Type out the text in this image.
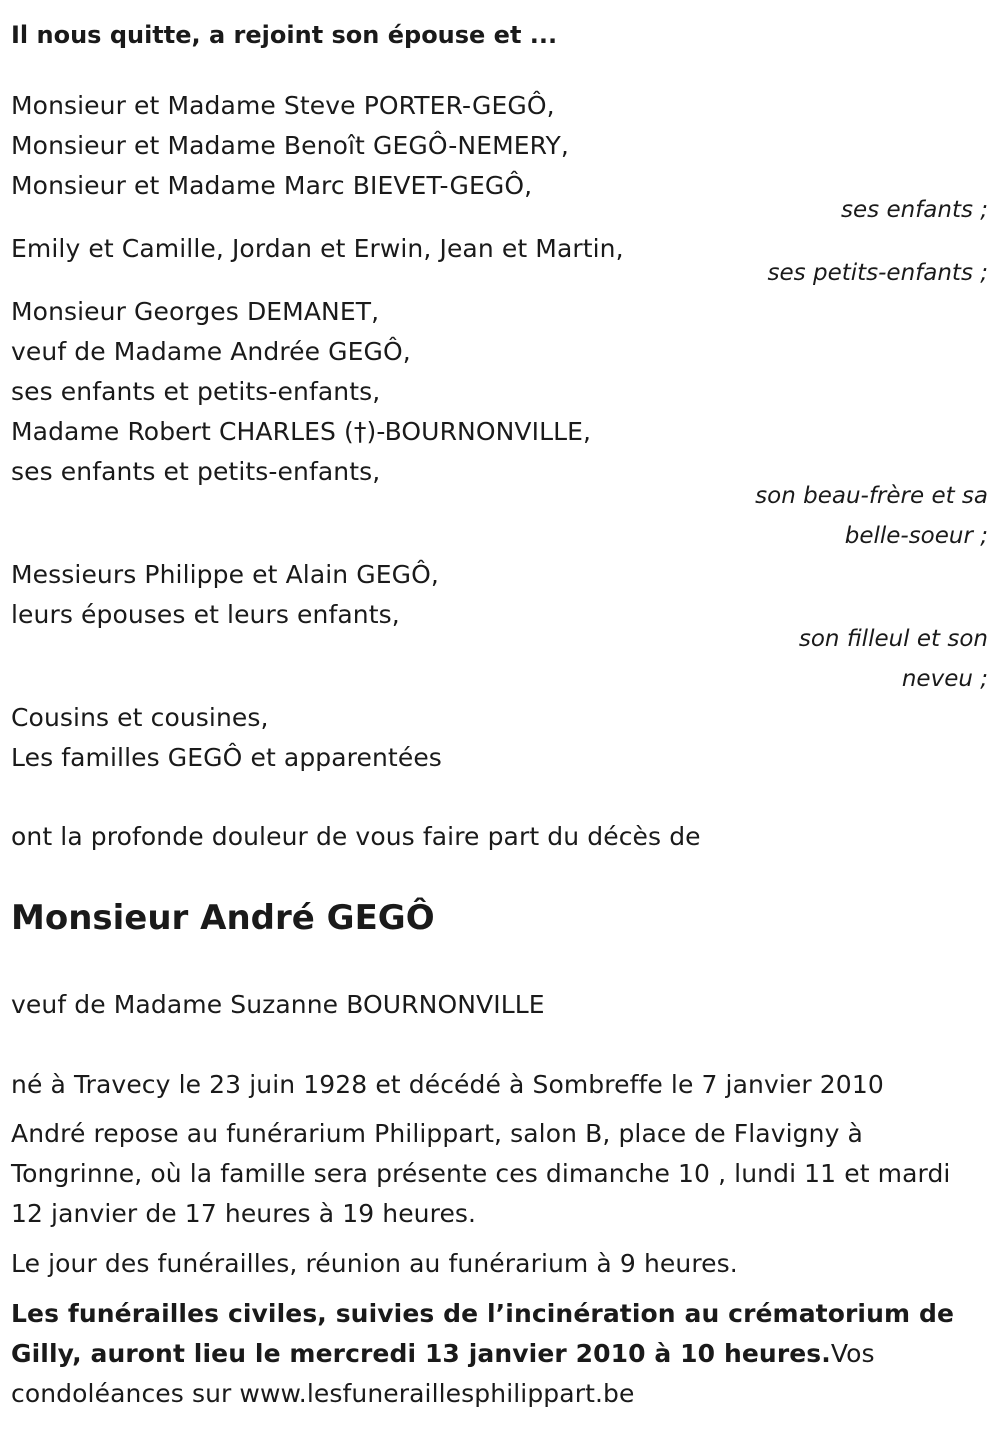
Il nous quitte, a rejoint son épouse et ...
Monsieur et Madame Steve PORTER-GEGÔ,
Monsieur et Madame Benoît GEGÔ-NEMERY,
Monsieur et Madame Marc BIEVET-GEGÔ,
ses enfants ;
Emily et Camille, Jordan et Erwin, Jean et Martin,
ses petits-enfants ;
Monsieur Georges DEMANET,
veuf de Madame Andrée GEGÔ,
ses enfants et petits-enfants,
Madame Robert CHARLES (†)-BOURNONVILLE,
ses enfants et petits-enfants,
son beau-frère et sa
belle-soeur ;
Messieurs Philippe et Alain GEGÔ,
leurs épouses et leurs enfants,
son filleul et son
neveu ;
Cousins et cousines,
Les familles GEGÔ et apparentées
ont la profonde douleur de vous faire part du décès de
Monsieur André GEGÔ
veuf de Madame Suzanne BOURNONVILLE
né à Travecy le 23 juin 1928 et décédé à Sombreffe le 7 janvier 2010
André repose au funérarium Philippart, salon B, place de Flavigny à
Tongrinne, où la famille sera présente ces dimanche 10 , lundi 11 et mardi
12 janvier de 17 heures à 19 heures.
Le jour des funérailles, réunion au funérarium à 9 heures.
Les funérailles civiles, suivies de l’incinération au crématorium de
Gilly, auront lieu le mercredi 13 janvier 2010 à 10 heures.Vos
condoléances sur www.lesfuneraillesphilippart.be
